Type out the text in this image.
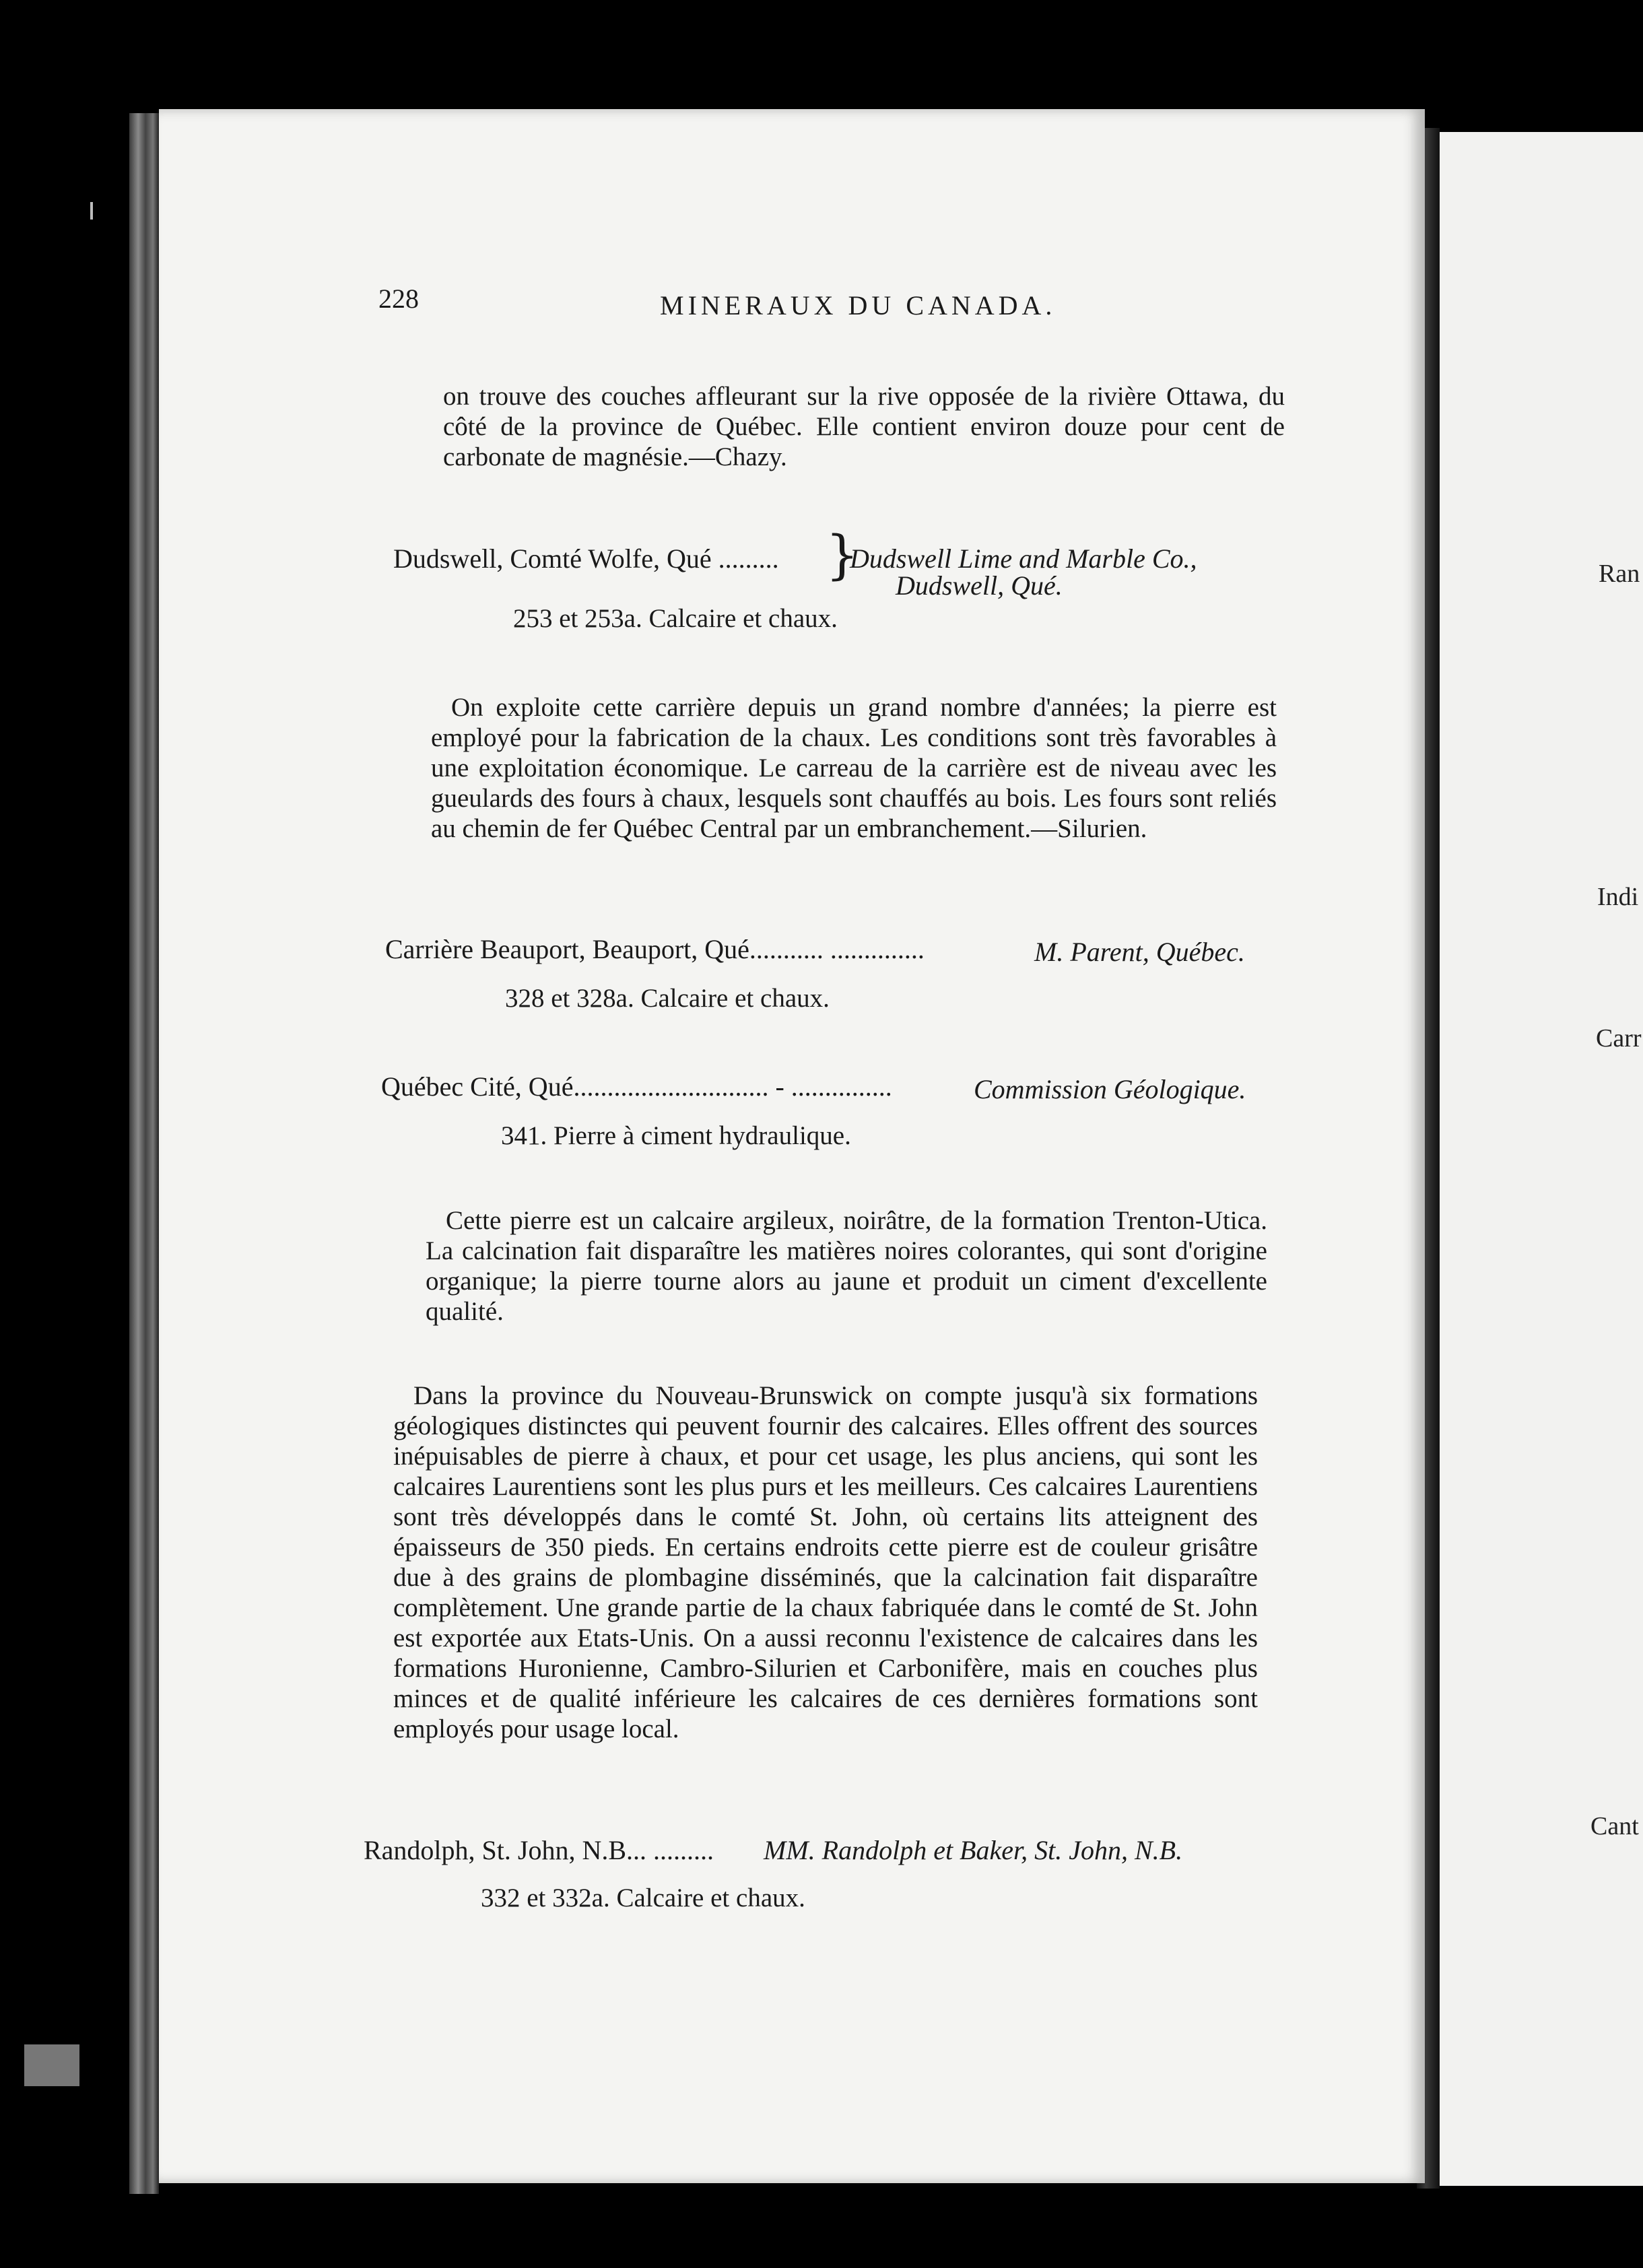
228	MINERAUX DU CANADA.

on trouve des couches affleurant sur la rive opposée de la rivière Ottawa, du côté de la province de Québec. Elle contient environ douze pour cent de carbonate de magnésie.—Chazy.

Dudswell, Comté Wolfe, Qué ......... }
Dudswell Lime and Marble Co.,
Dudswell, Qué.
253 et 253a. Calcaire et chaux.

On exploite cette carrière depuis un grand nombre d'années; la pierre est employé pour la fabrication de la chaux. Les conditions sont très favorables à une exploitation économique. Le carreau de la carrière est de niveau avec les gueulards des fours à chaux, lesquels sont chauffés au bois. Les fours sont reliés au chemin de fer Québec Central par un embranchement.—Silurien.

Carrière Beauport, Beauport, Qué........... ..............	M. Parent, Québec.
328 et 328a. Calcaire et chaux.
Québec Cité, Qué............................. - ...............	Commission Géologique.
341. Pierre à ciment hydraulique.

Cette pierre est un calcaire argileux, noirâtre, de la formation Trenton-Utica. La calcination fait disparaître les matières noires colorantes, qui sont d'origine organique; la pierre tourne alors au jaune et produit un ciment d'excellente qualité.

Dans la province du Nouveau-Brunswick on compte jusqu'à six formations géologiques distinctes qui peuvent fournir des calcaires. Elles offrent des sources inépuisables de pierre à chaux, et pour cet usage, les plus anciens, qui sont les calcaires Laurentiens sont les plus purs et les meilleurs. Ces calcaires Laurentiens sont très développés dans le comté St. John, où certains lits atteignent des épaisseurs de 350 pieds. En certains endroits cette pierre est de couleur grisâtre due à des grains de plombagine disséminés, que la calcination fait disparaître complètement. Une grande partie de la chaux fabriquée dans le comté de St. John est exportée aux Etats-Unis. On a aussi reconnu l'existence de calcaires dans les formations Huronienne, Cambro-Silurien et Carbonifère, mais en couches plus minces et de qualité inférieure les calcaires de ces dernières formations sont employés pour usage local.

Randolph, St. John, N.B... ......... MM. Randolph et Baker, St. John, N.B.
332 et 332a. Calcaire et chaux.
Ran
Indi
Carr
Cant
